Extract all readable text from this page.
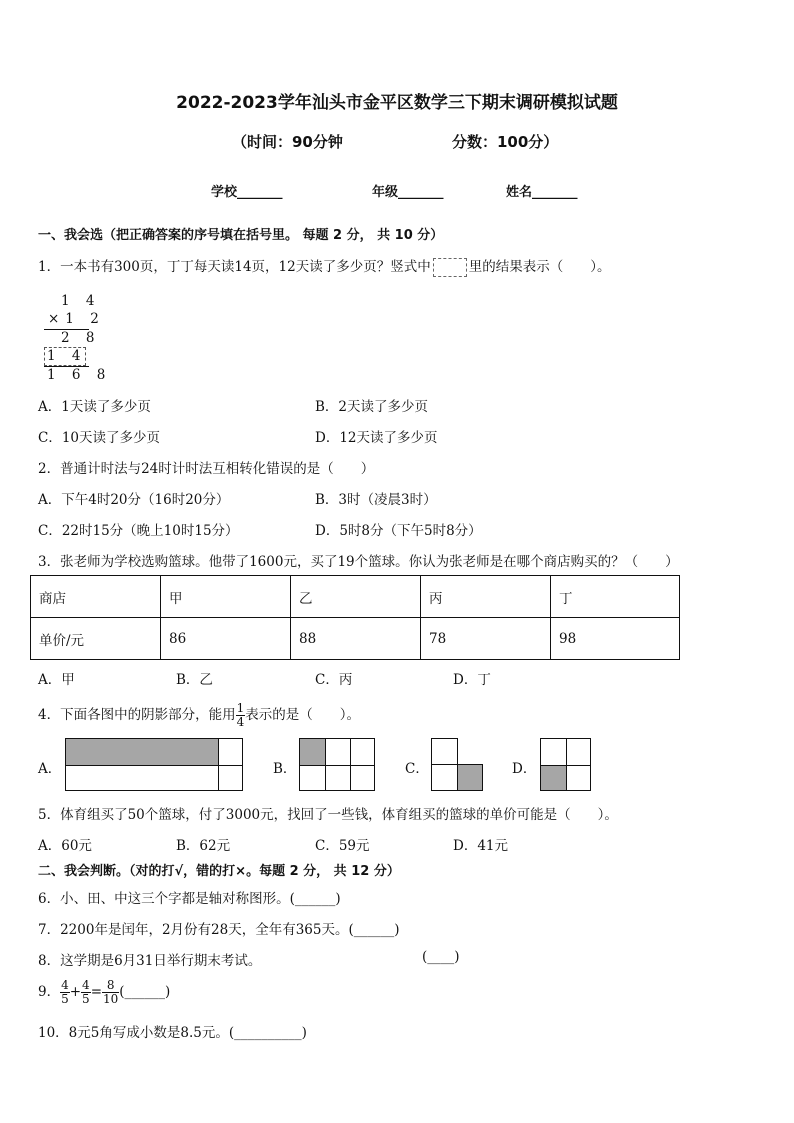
2022-2023学年汕头市金平区数学三下期末调研模拟试题
（时间：90分钟	分数：100分）
学校_______	年级_______	姓名_______
一、我会选（把正确答案的序号填在括号里。 每题 2 分， 共 10 分）
1．一本书有300页，丁丁每天读14页，12天读了多少页？竖式中	里的结果表示（　　）。
1 4
×1 2
2 8
1 4
1 6 8
A．1天读了多少页	B．2天读了多少页
C．10天读了多少页	D．12天读了多少页
2．普通计时法与24时计时法互相转化错误的是（　　）
A．下午4时20分（16时20分）	B．3时（凌晨3时）
C．22时15分（晚上10时15分）	D．5时8分（下午5时8分）
3．张老师为学校选购篮球。他带了1600元，买了19个篮球。你认为张老师是在哪个商店购买的？（　　）
商店	甲	乙	丙	丁
单价/元	86	88	78	98
A．甲	B．乙	C．丙	D．丁
4．下面各图中的阴影部分，能用 $\frac{1}{4}$ 表示的是（　　）。
A．	B．	C．	D．
5．体育组买了50个篮球，付了3000元，找回了一些钱，体育组买的篮球的单价可能是（　　）。
A．60元	B．62元	C．59元	D．41元
二、我会判断。（对的打√，错的打×。每题 2 分， 共 12 分）
6．小、田、中这三个字都是轴对称图形。(______)
7．2200年是闰年，2月份有28天，全年有365天。(______)
8．这学期是6月31日举行期末考试。	(____)
9． $\frac{4}{5} + \frac{4}{5} = \frac{8}{10}$ (______)
10．8元5角写成小数是8.5元。(__________)
